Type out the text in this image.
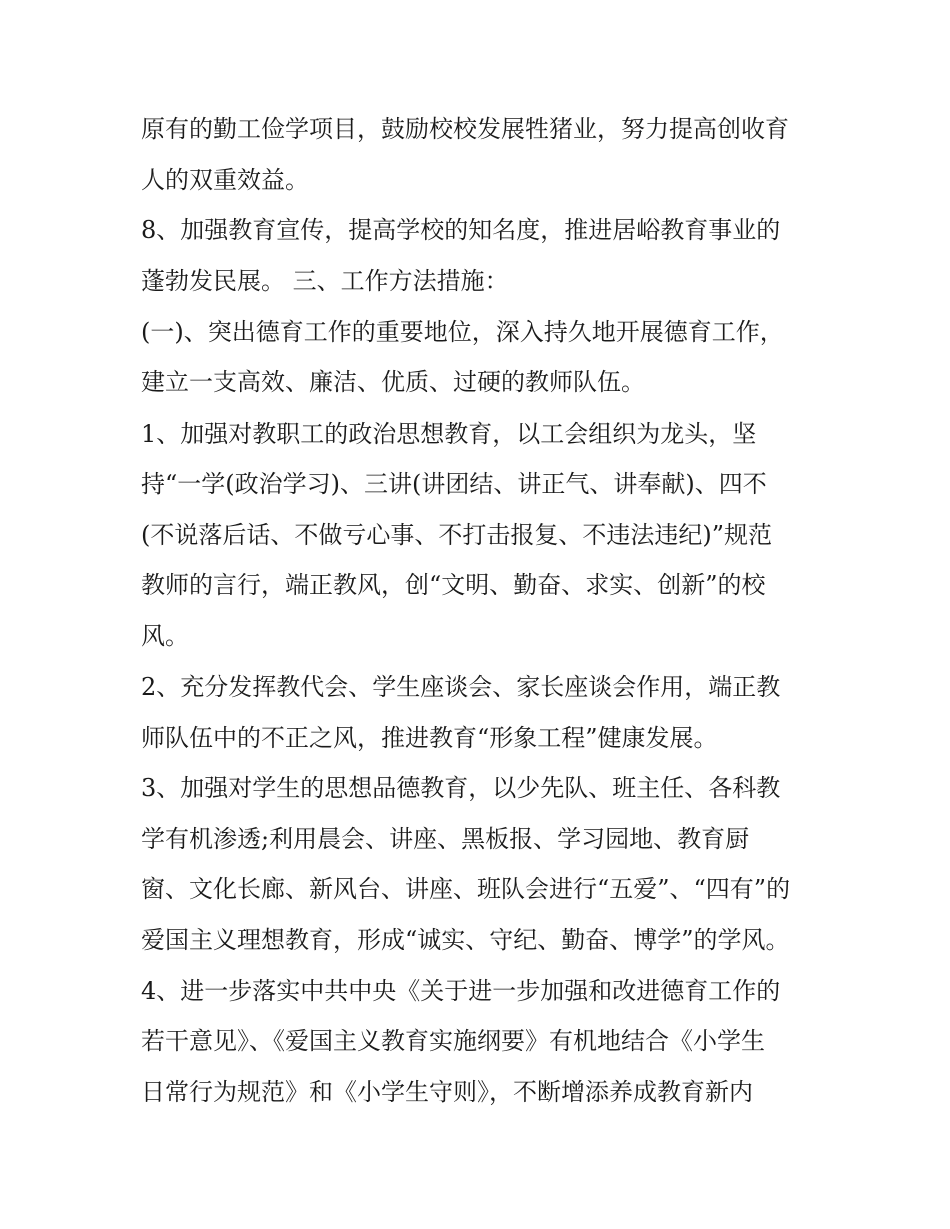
原有的勤工俭学项目，鼓励校校发展牲猪业，努力提高创收育
人的双重效益。
8、加强教育宣传，提高学校的知名度，推进居峪教育事业的
蓬勃发民展。 三、工作方法措施：
(一)、突出德育工作的重要地位，深入持久地开展德育工作，
建立一支高效、廉洁、优质、过硬的教师队伍。
1、加强对教职工的政治思想教育，以工会组织为龙头，坚
持“一学(政治学习)、三讲(讲团结、讲正气、讲奉献)、四不
(不说落后话、不做亏心事、不打击报复、不违法违纪)”规范
教师的言行，端正教风，创“文明、勤奋、求实、创新”的校
风。
2、充分发挥教代会、学生座谈会、家长座谈会作用，端正教
师队伍中的不正之风，推进教育“形象工程”健康发展。
3、加强对学生的思想品德教育，以少先队、班主任、各科教
学有机渗透;利用晨会、讲座、黑板报、学习园地、教育厨
窗、文化长廊、新风台、讲座、班队会进行“五爱”、“四有”的
爱国主义理想教育，形成“诚实、守纪、勤奋、博学”的学风。
4、进一步落实中共中央《关于进一步加强和改进德育工作的
若干意见》、《爱国主义教育实施纲要》有机地结合《小学生
日常行为规范》和《小学生守则》，不断增添养成教育新内
